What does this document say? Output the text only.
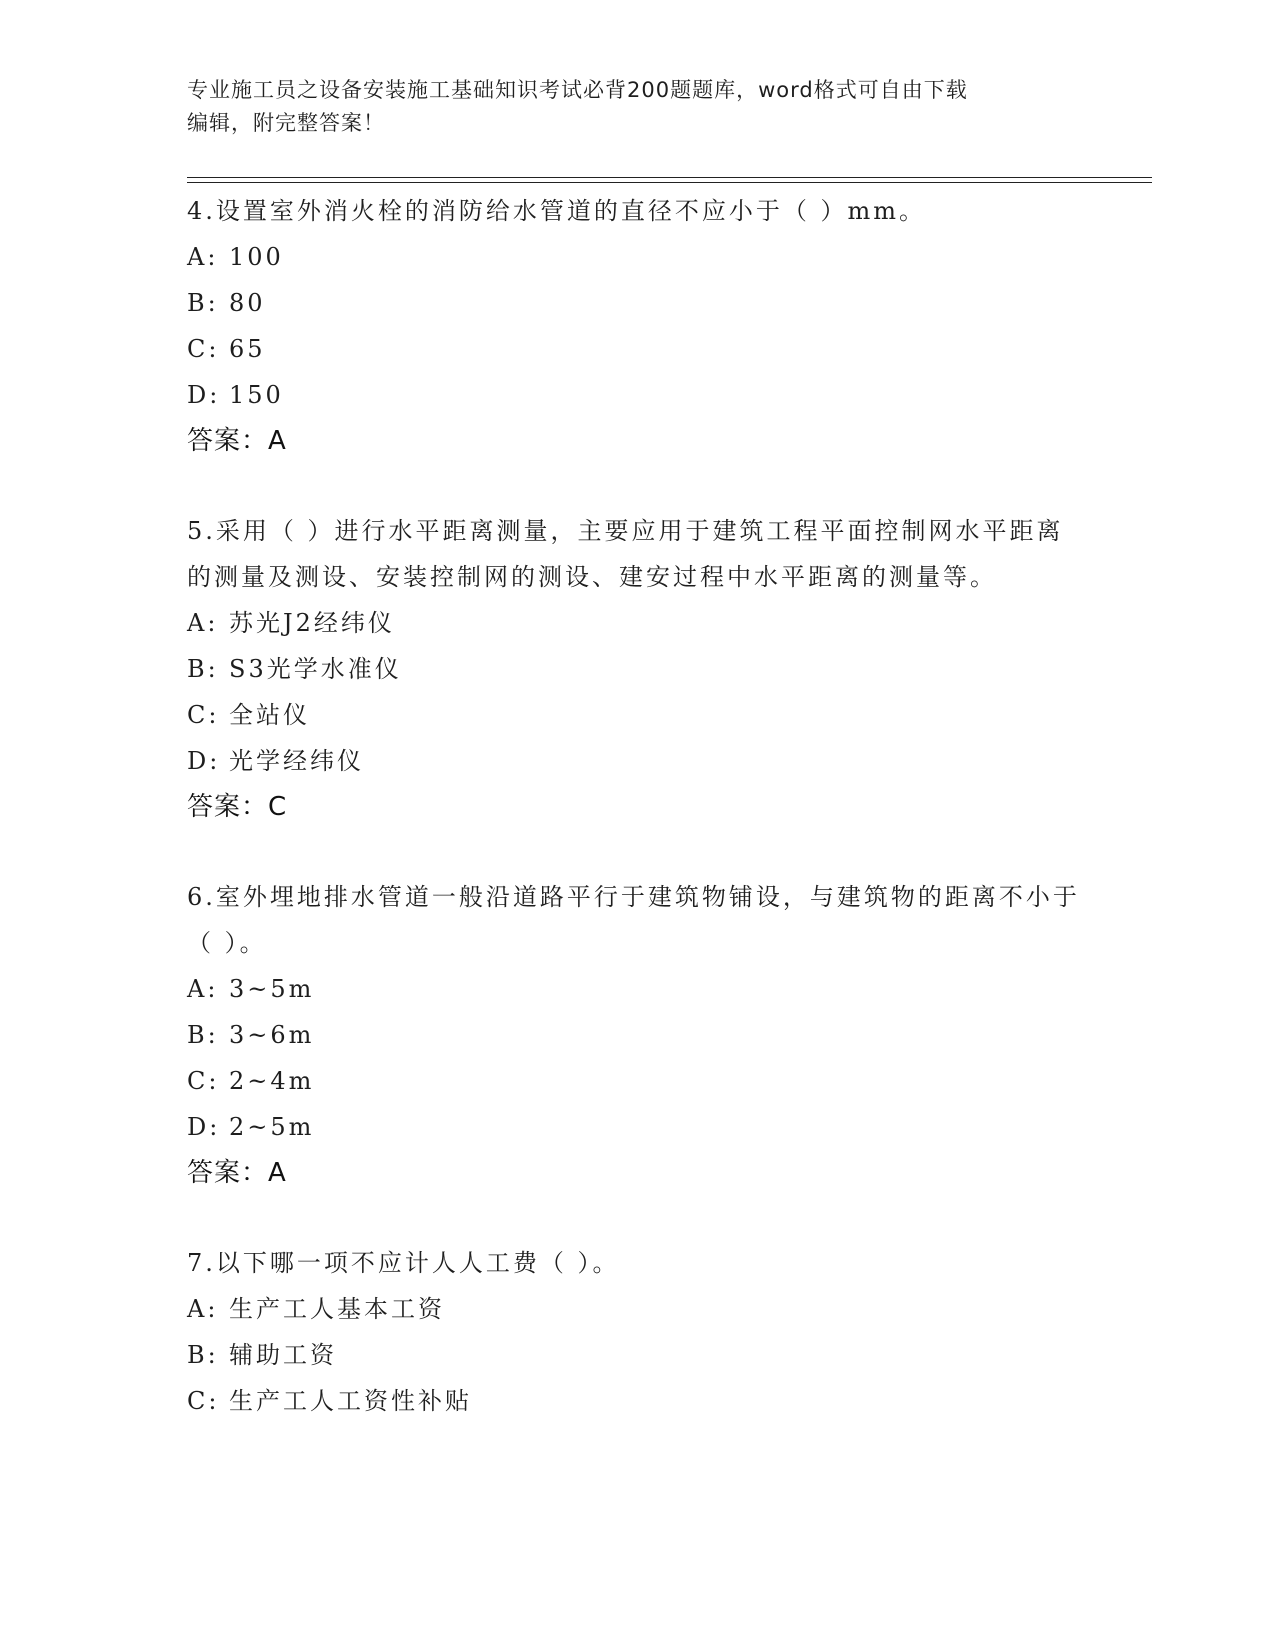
专业施工员之设备安装施工基础知识考试必背200题题库，word格式可自由下载
编辑，附完整答案！
4.设置室外消火栓的消防给水管道的直径不应小于（ ）mm。
A: 100
B: 80
C: 65
D: 150
答案：A
5.采用（ ）进行水平距离测量，主要应用于建筑工程平面控制网水平距离的测量及测设、安装控制网的测设、建安过程中水平距离的测量等。
A: 苏光J2经纬仪
B: S3光学水准仪
C: 全站仪
D: 光学经纬仪
答案：C
6.室外埋地排水管道一般沿道路平行于建筑物铺设，与建筑物的距离不小于（ ）。
A: 3~5m
B: 3~6m
C: 2~4m
D: 2~5m
答案：A
7.以下哪一项不应计人人工费（ ）。
A: 生产工人基本工资
B: 辅助工资
C: 生产工人工资性补贴
